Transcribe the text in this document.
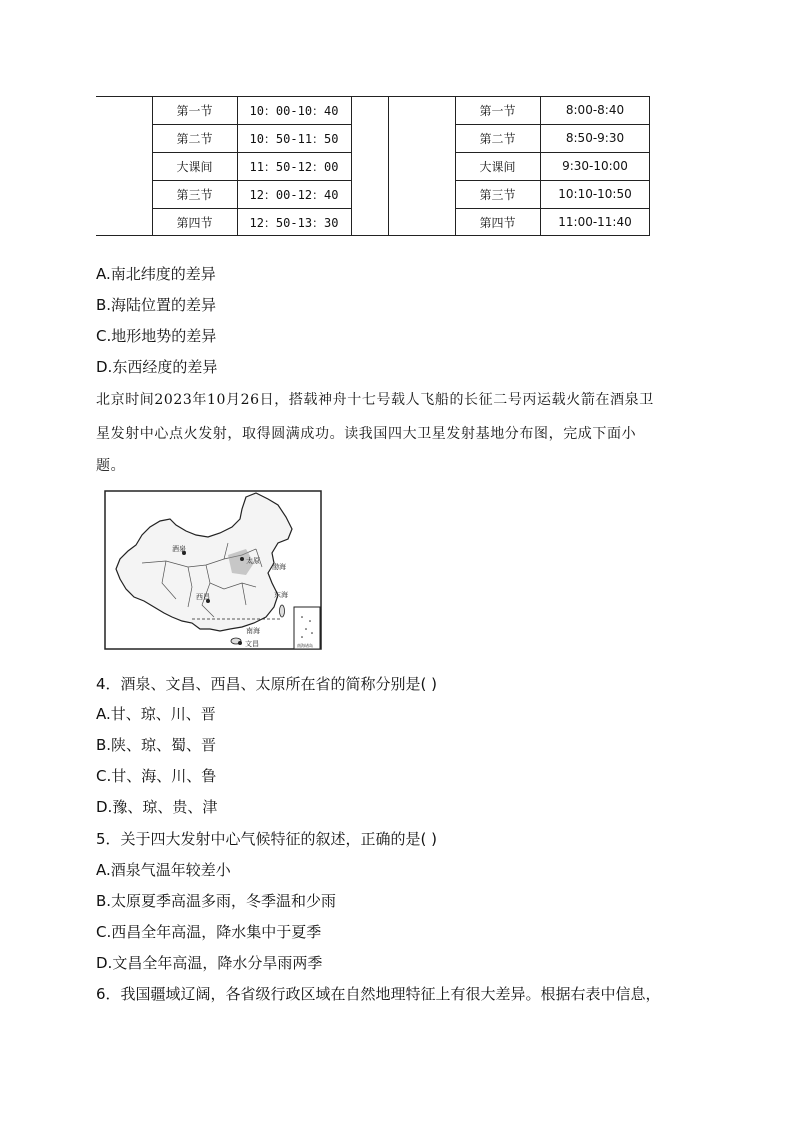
第一节	10：00-10：40
第二节	10：50-11：50
大课间	11：50-12：00
第三节	12：00-12：40
第四节	12：50-13：30
第一节	8:00-8:40
第二节	8:50-9:30
大课间	9:30-10:00
第三节	10:10-10:50
第四节	11:00-11:40
A.南北纬度的差异
B.海陆位置的差异
C.地形地势的差异
D.东西经度的差异
北京时间2023年10月26日，搭载神舟十七号载人飞船的长征二号丙运载火箭在酒泉卫
星发射中心点火发射，取得圆满成功。读我国四大卫星发射基地分布图，完成下面小
题。
酒泉
太原
西昌
文昌
渤海
东海
南海
南海诸岛
4．酒泉、文昌、西昌、太原所在省的简称分别是( )
A.甘、琼、川、晋
B.陕、琼、蜀、晋
C.甘、海、川、鲁
D.豫、琼、贵、津
5．关于四大发射中心气候特征的叙述，正确的是( )
A.酒泉气温年较差小
B.太原夏季高温多雨，冬季温和少雨
C.西昌全年高温，降水集中于夏季
D.文昌全年高温，降水分旱雨两季
6．我国疆域辽阔，各省级行政区域在自然地理特征上有很大差异。根据右表中信息，
